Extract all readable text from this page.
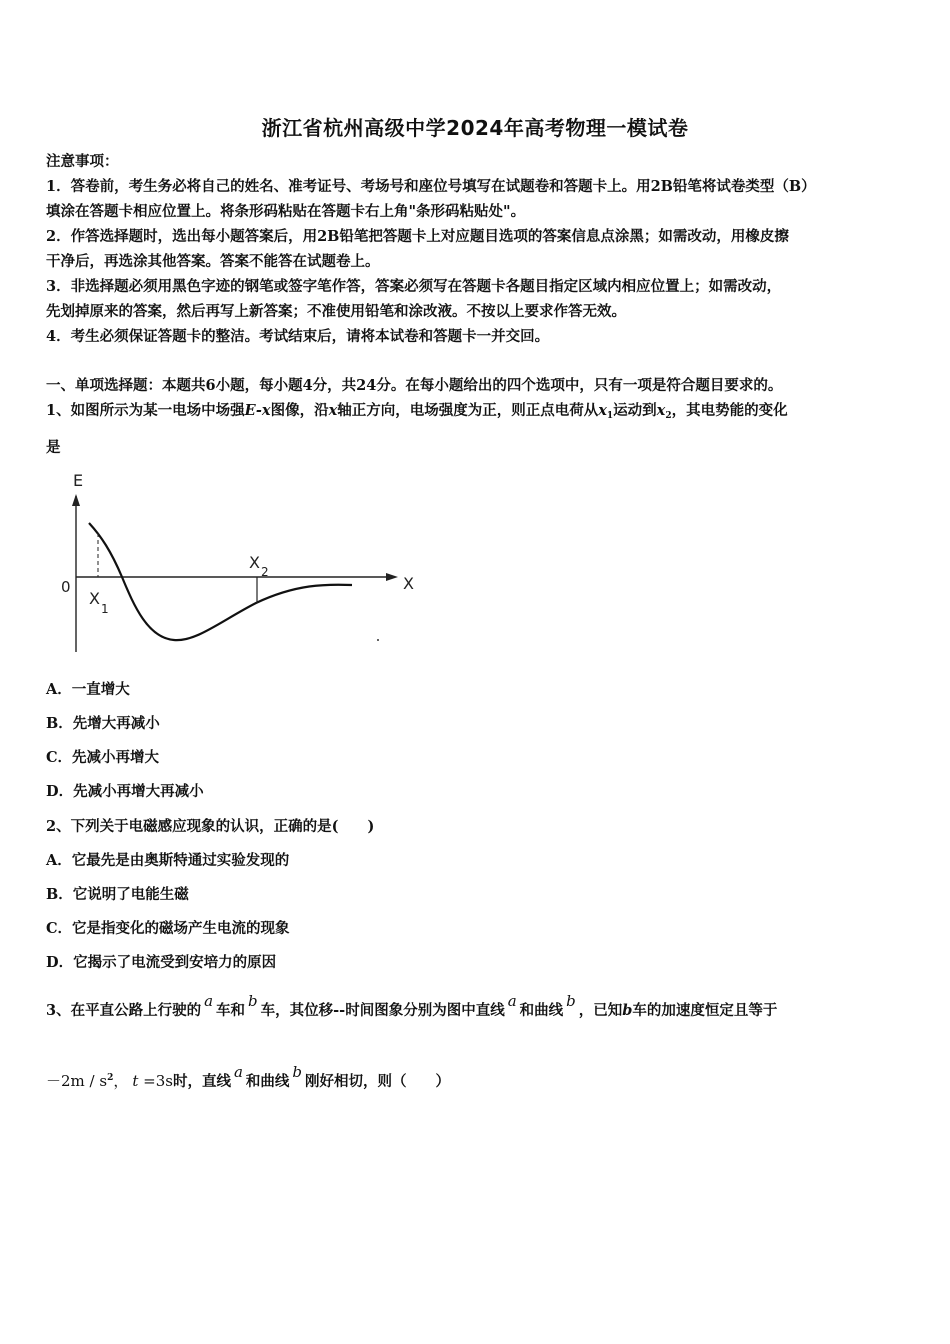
浙江省杭州高级中学2024年高考物理一模试卷
注意事项：
1．答卷前，考生务必将自己的姓名、准考证号、考场号和座位号填写在试题卷和答题卡上。用2B铅笔将试卷类型（B）
填涂在答题卡相应位置上。将条形码粘贴在答题卡右上角"条形码粘贴处"。
2．作答选择题时，选出每小题答案后，用2B铅笔把答题卡上对应题目选项的答案信息点涂黑；如需改动，用橡皮擦
干净后，再选涂其他答案。答案不能答在试题卷上。
3．非选择题必须用黑色字迹的钢笔或签字笔作答，答案必须写在答题卡各题目指定区域内相应位置上；如需改动，
先划掉原来的答案，然后再写上新答案；不准使用铅笔和涂改液。不按以上要求作答无效。
4．考生必须保证答题卡的整洁。考试结束后，请将本试卷和答题卡一并交回。
一、单项选择题：本题共6小题，每小题4分，共24分。在每小题给出的四个选项中，只有一项是符合题目要求的。
1、如图所示为某一电场中场强E-x图像，沿x轴正方向，电场强度为正，则正点电荷从$x_1$运动到$x_2$，其电势能的变化
是
E
X
0
X
1
X 2
A．一直增大
B．先增大再减小
C．先减小再增大
D．先减小再增大再减小
2、下列关于电磁感应现象的认识，正确的是(　　)
A．它最先是由奥斯特通过实验发现的
B．它说明了电能生磁
C．它是指变化的磁场产生电流的现象
D．它揭示了电流受到安培力的原因
3、在平直公路上行驶的a车和b车，其位移--时间图象分别为图中直线a和曲线b，已知b车的加速度恒定且等于
$-2m / s^2$， t =3s时，直线a和曲线b刚好相切，则（　　）
